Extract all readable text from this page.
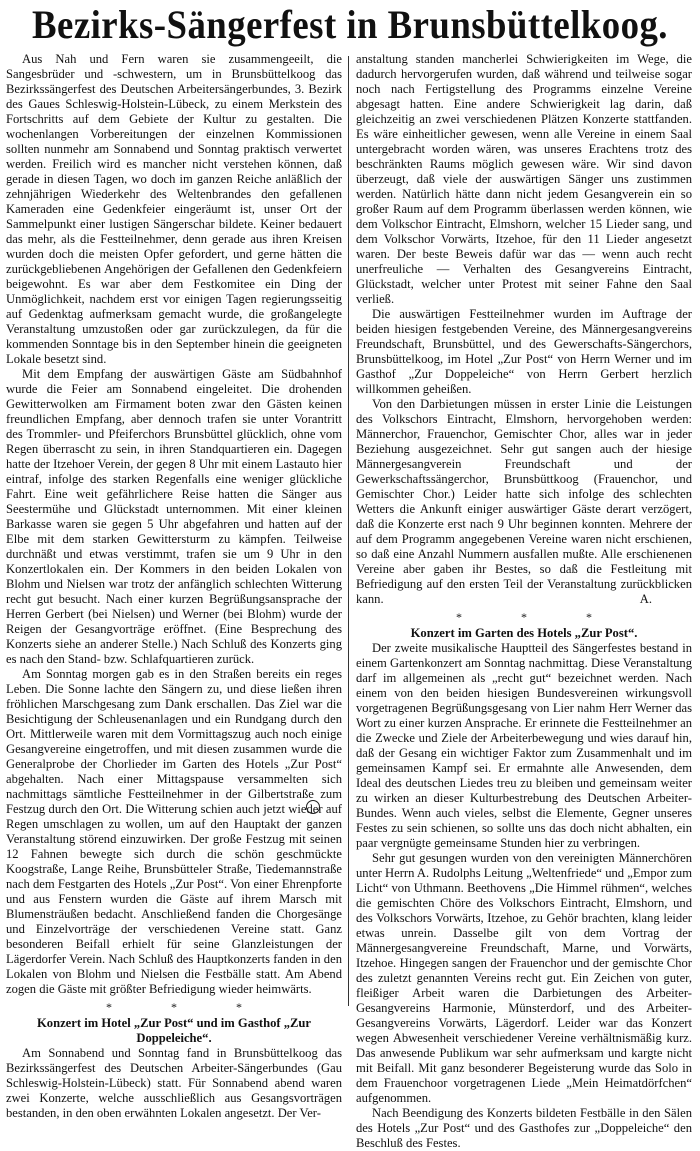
Bezirks-Sängerfest in Brunsbüttelkoog.

Aus Nah und Fern waren sie zusammengeeilt, die Sangesbrüder und -schwestern, um in Brunsbüttelkoog das Bezirkssängerfest des Deutschen Arbeitersängerbundes, 3. Bezirk des Gaues Schleswig-Holstein-Lübeck, zu einem Merkstein des Fortschritts auf dem Gebiete der Kultur zu gestalten. Die wochenlangen Vorbereitungen der einzelnen Kommissionen sollten nunmehr am Sonnabend und Sonntag praktisch verwertet werden. Freilich wird es mancher nicht verstehen können, daß gerade in diesen Tagen, wo doch im ganzen Reiche anläßlich der zehnjährigen Wiederkehr des Weltenbrandes den gefallenen Kameraden eine Gedenkfeier eingeräumt ist, unser Ort der Sammelpunkt einer lustigen Sängerschar bildete. Keiner bedauert das mehr, als die Festteilnehmer, denn gerade aus ihren Kreisen wurden doch die meisten Opfer gefordert, und gerne hätten die zurückgebliebenen Angehörigen der Gefallenen den Gedenkfeiern beigewohnt. Es war aber dem Festkomitee ein Ding der Unmöglichkeit, nachdem erst vor einigen Tagen regierungsseitig auf Gedenktag aufmerksam gemacht wurde, die großangelegte Veranstaltung umzustoßen oder gar zurückzulegen, da für die kommenden Sonntage bis in den September hinein die geeigneten Lokale besetzt sind.

Mit dem Empfang der auswärtigen Gäste am Südbahnhof wurde die Feier am Sonnabend eingeleitet. Die drohenden Gewitterwolken am Firmament boten zwar den Gästen keinen freundlichen Empfang, aber dennoch trafen sie unter Vorantritt des Trommler- und Pfeiferchors Brunsbüttel glücklich, ohne vom Regen überrascht zu sein, in ihren Standquartieren ein. Dagegen hatte der Itzehoer Verein, der gegen 8 Uhr mit einem Lastauto hier eintraf, infolge des starken Regenfalls eine weniger glückliche Fahrt. Eine weit gefährlichere Reise hatten die Sänger aus Seestermühe und Glückstadt unternommen. Mit einer kleinen Barkasse waren sie gegen 5 Uhr abgefahren und hatten auf der Elbe mit dem starken Gewittersturm zu kämpfen. Teilweise durchnäßt und etwas verstimmt, trafen sie um 9 Uhr in den Konzertlokalen ein. Der Kommers in den beiden Lokalen von Blohm und Nielsen war trotz der anfänglich schlechten Witterung recht gut besucht. Nach einer kurzen Begrüßungsansprache der Herren Gerbert (bei Nielsen) und Werner (bei Blohm) wurde der Reigen der Gesangvorträge eröffnet. (Eine Besprechung des Konzerts siehe an anderer Stelle.) Nach Schluß des Konzerts ging es nach den Stand- bzw. Schlafquartieren zurück.

Am Sonntag morgen gab es in den Straßen bereits ein reges Leben. Die Sonne lachte den Sängern zu, und diese ließen ihren fröhlichen Marschgesang zum Dank erschallen. Das Ziel war die Besichtigung der Schleusenanlagen und ein Rundgang durch den Ort. Mittlerweile waren mit dem Vormittagszug auch noch einige Gesangvereine eingetroffen, und mit diesen zusammen wurde die Generalprobe der Chorlieder im Garten des Hotels „Zur Post“ abgehalten. Nach einer Mittagspause versammelten sich nachmittags sämtliche Festteilnehmer in der Gilbertstraße zum Festzug durch den Ort. Die Witterung schien auch jetzt wieder auf Regen umschlagen zu wollen, um auf den Hauptakt der ganzen Veranstaltung störend einzuwirken. Der große Festzug mit seinen 12 Fahnen bewegte sich durch die schön geschmückte Koogstraße, Lange Reihe, Brunsbütteler Straße, Tiedemannstraße nach dem Festgarten des Hotels „Zur Post“. Von einer Ehrenpforte und aus Fenstern wurden die Gäste auf ihrem Marsch mit Blumensträußen bedacht. Anschließend fanden die Chorgesänge und Einzelvorträge der verschiedenen Vereine statt. Ganz besonderen Beifall erhielt für seine Glanzleistungen der Lägerdorfer Verein. Nach Schluß des Hauptkonzerts fanden in den Lokalen von Blohm und Nielsen die Festbälle statt. Am Abend zogen die Gäste mit größter Befriedigung wieder heimwärts.

* * *
Konzert im Hotel „Zur Post“ und im Gasthof „Zur Doppeleiche“.

Am Sonnabend und Sonntag fand in Brunsbüttelkoog das Bezirkssängerfest des Deutschen Arbeiter-Sängerbundes (Gau Schleswig-Holstein-Lübeck) statt. Für Sonnabend abend waren zwei Konzerte, welche ausschließlich aus Gesangsvorträgen bestanden, in den oben erwähnten Lokalen angesetzt. Der Ver-

anstaltung standen mancherlei Schwierigkeiten im Wege, die dadurch hervorgerufen wurden, daß während und teilweise sogar noch nach Fertigstellung des Programms einzelne Vereine abgesagt hatten. Eine andere Schwierigkeit lag darin, daß gleichzeitig an zwei verschiedenen Plätzen Konzerte stattfanden. Es wäre einheitlicher gewesen, wenn alle Vereine in einem Saal untergebracht worden wären, was unseres Erachtens trotz des beschränkten Raums möglich gewesen wäre. Wir sind davon überzeugt, daß viele der auswärtigen Sänger uns zustimmen werden. Natürlich hätte dann nicht jedem Gesangverein ein so großer Raum auf dem Programm überlassen werden können, wie dem Volkschor Eintracht, Elmshorn, welcher 15 Lieder sang, und dem Volkschor Vorwärts, Itzehoe, für den 11 Lieder angesetzt waren. Der beste Beweis dafür war das — wenn auch recht unerfreuliche — Verhalten des Gesangvereins Eintracht, Glückstadt, welcher unter Protest mit seiner Fahne den Saal verließ.

Die auswärtigen Festteilnehmer wurden im Auftrage der beiden hiesigen festgebenden Vereine, des Männergesangvereins Freundschaft, Brunsbüttel, und des Gewerschafts-Sängerchors, Brunsbüttelkoog, im Hotel „Zur Post“ von Herrn Werner und im Gasthof „Zur Doppeleiche“ von Herrn Gerbert herzlich willkommen geheißen.

Von den Darbietungen müssen in erster Linie die Leistungen des Volkschors Eintracht, Elmshorn, hervorgehoben werden: Männerchor, Frauenchor, Gemischter Chor, alles war in jeder Beziehung ausgezeichnet. Sehr gut sangen auch der hiesige Männergesangverein Freundschaft und der Gewerkschaftssängerchor, Brunsbüttkoog (Frauenchor, und Gemischter Chor.) Leider hatte sich infolge des schlechten Wetters die Ankunft einiger auswärtiger Gäste derart verzögert, daß die Konzerte erst nach 9 Uhr beginnen konnten. Mehrere der auf dem Programm angegebenen Vereine waren nicht erschienen, so daß eine Anzahl Nummern ausfallen mußte. Alle erschienenen Vereine aber gaben ihr Bestes, so daß die Festleitung mit Befriedigung auf den ersten Teil der Veranstaltung zurückblicken kann.	A.
* * *
Konzert im Garten des Hotels „Zur Post“.

Der zweite musikalische Hauptteil des Sängerfestes bestand in einem Gartenkonzert am Sonntag nachmittag. Diese Veranstaltung darf im allgemeinen als „recht gut“ bezeichnet werden. Nach einem von den beiden hiesigen Bundesvereinen wirkungsvoll vorgetragenen Begrüßungsgesang von Lier nahm Herr Werner das Wort zu einer kurzen Ansprache. Er erinnete die Festteilnehmer an die Zwecke und Ziele der Arbeiterbewegung und wies darauf hin, daß der Gesang ein wichtiger Faktor zum Zusammenhalt und im gemeinsamen Kampf sei. Er ermahnte alle Anwesenden, dem Ideal des deutschen Liedes treu zu bleiben und gemeinsam weiter zu wirken an dieser Kulturbestrebung des Deutschen Arbeiter-Bundes. Wenn auch vieles, selbst die Elemente, Gegner unseres Festes zu sein schienen, so sollte uns das doch nicht abhalten, ein paar vergnügte gemeinsame Stunden hier zu verbringen.

Sehr gut gesungen wurden von den vereinigten Männerchören unter Herrn A. Rudolphs Leitung „Weltenfriede“ und „Empor zum Licht“ von Uthmann. Beethovens „Die Himmel rühmen“, welches die gemischten Chöre des Volkschors Eintracht, Elmshorn, und des Volkschors Vorwärts, Itzehoe, zu Gehör brachten, klang leider etwas unrein. Dasselbe gilt von dem Vortrag der Männergesangvereine Freundschaft, Marne, und Vorwärts, Itzehoe. Hingegen sangen der Frauenchor und der gemischte Chor des zuletzt genannten Vereins recht gut. Ein Zeichen von guter, fleißiger Arbeit waren die Darbietungen des Arbeiter-Gesangvereins Harmonie, Münsterdorf, und des Arbeiter-Gesangvereins Vorwärts, Lägerdorf. Leider war das Konzert wegen Abwesenheit verschiedener Vereine verhältnismäßig kurz. Das anwesende Publikum war sehr aufmerksam und kargte nicht mit Beifall. Mit ganz besonderer Begeisterung wurde das Solo in dem Frauenchoor vorgetragenen Liede „Mein Heimatdörfchen“ aufgenommen.

Nach Beendigung des Konzerts bildeten Festbälle in den Sälen des Hotels „Zur Post“ und des Gasthofes zur „Doppeleiche“ den Beschluß des Festes.
